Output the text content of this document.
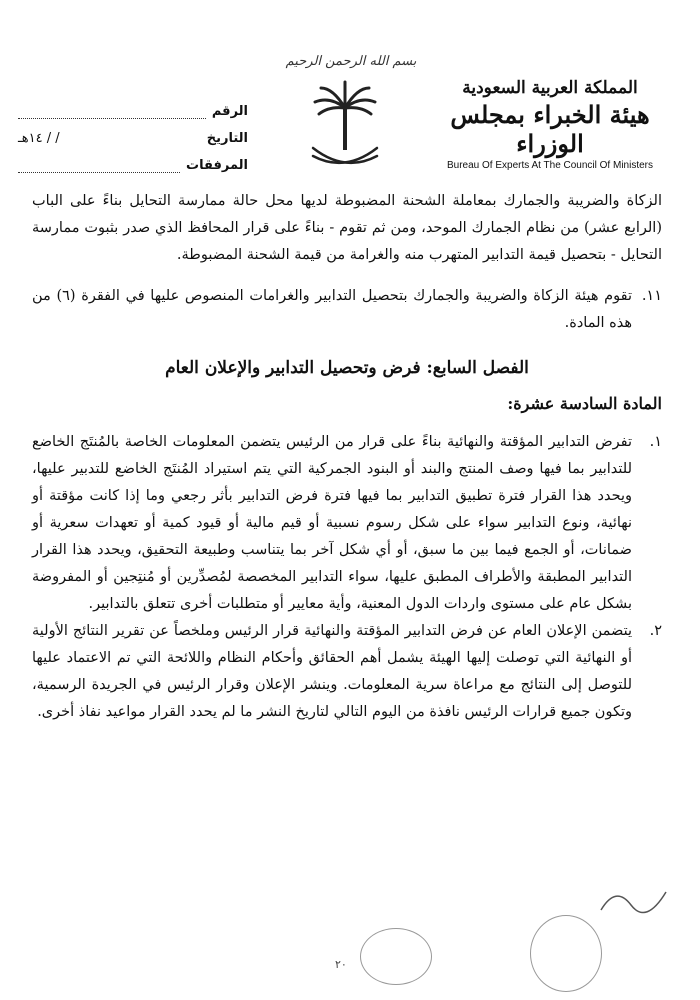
بسم الله الرحمن الرحيم
المملكة العربية السعودية
هيئة الخبراء بمجلس الوزراء
Bureau Of Experts At The Council Of Ministers
الرقم
التاريخ
/ / ١٤هـ
المرفقات

الزكاة والضريبة والجمارك بمعاملة الشحنة المضبوطة لديها محل حالة ممارسة التحايل بناءً على الباب (الرابع عشر) من نظام الجمارك الموحد، ومن ثم تقوم - بناءً على قرار المحافظ الذي صدر بثبوت ممارسة التحايل - بتحصيل قيمة التدابير المتهرب منه والغرامة من قيمة الشحنة المضبوطة.

١١.

تقوم هيئة الزكاة والضريبة والجمارك بتحصيل التدابير والغرامات المنصوص عليها في الفقرة (٦) من هذه المادة.

الفصل السابع: فرض وتحصيل التدابير والإعلان العام
المادة السادسة عشرة:
١.

تفرض التدابير المؤقتة والنهائية بناءً على قرار من الرئيس يتضمن المعلومات الخاصة بالمُنتَج الخاضع للتدابير بما فيها وصف المنتج والبند أو البنود الجمركية التي يتم استيراد المُنتَج الخاضع للتدبير عليها، ويحدد هذا القرار فترة تطبيق التدابير بما فيها فترة فرض التدابير بأثر رجعي وما إذا كانت مؤقتة أو نهائية، ونوع التدابير سواء على شكل رسوم نسبية أو قيم مالية أو قيود كمية أو تعهدات سعرية أو ضمانات، أو الجمع فيما بين ما سبق، أو أي شكل آخر بما يتناسب وطبيعة التحقيق، ويحدد هذا القرار التدابير المطبقة والأطراف المطبق عليها، سواء التدابير المخصصة لمُصدِّرين أو مُنتِجين أو المفروضة بشكل عام على مستوى واردات الدول المعنية، وأية معايير أو متطلبات أخرى تتعلق بالتدابير.

٢.

يتضمن الإعلان العام عن فرض التدابير المؤقتة والنهائية قرار الرئيس وملخصاً عن تقرير النتائج الأولية أو النهائية التي توصلت إليها الهيئة يشمل أهم الحقائق وأحكام النظام واللائحة التي تم الاعتماد عليها للتوصل إلى النتائج مع مراعاة سرية المعلومات. وينشر الإعلان وقرار الرئيس في الجريدة الرسمية، وتكون جميع قرارات الرئيس نافذة من اليوم التالي لتاريخ النشر ما لم يحدد القرار مواعيد نفاذ أخرى.

٢٠
